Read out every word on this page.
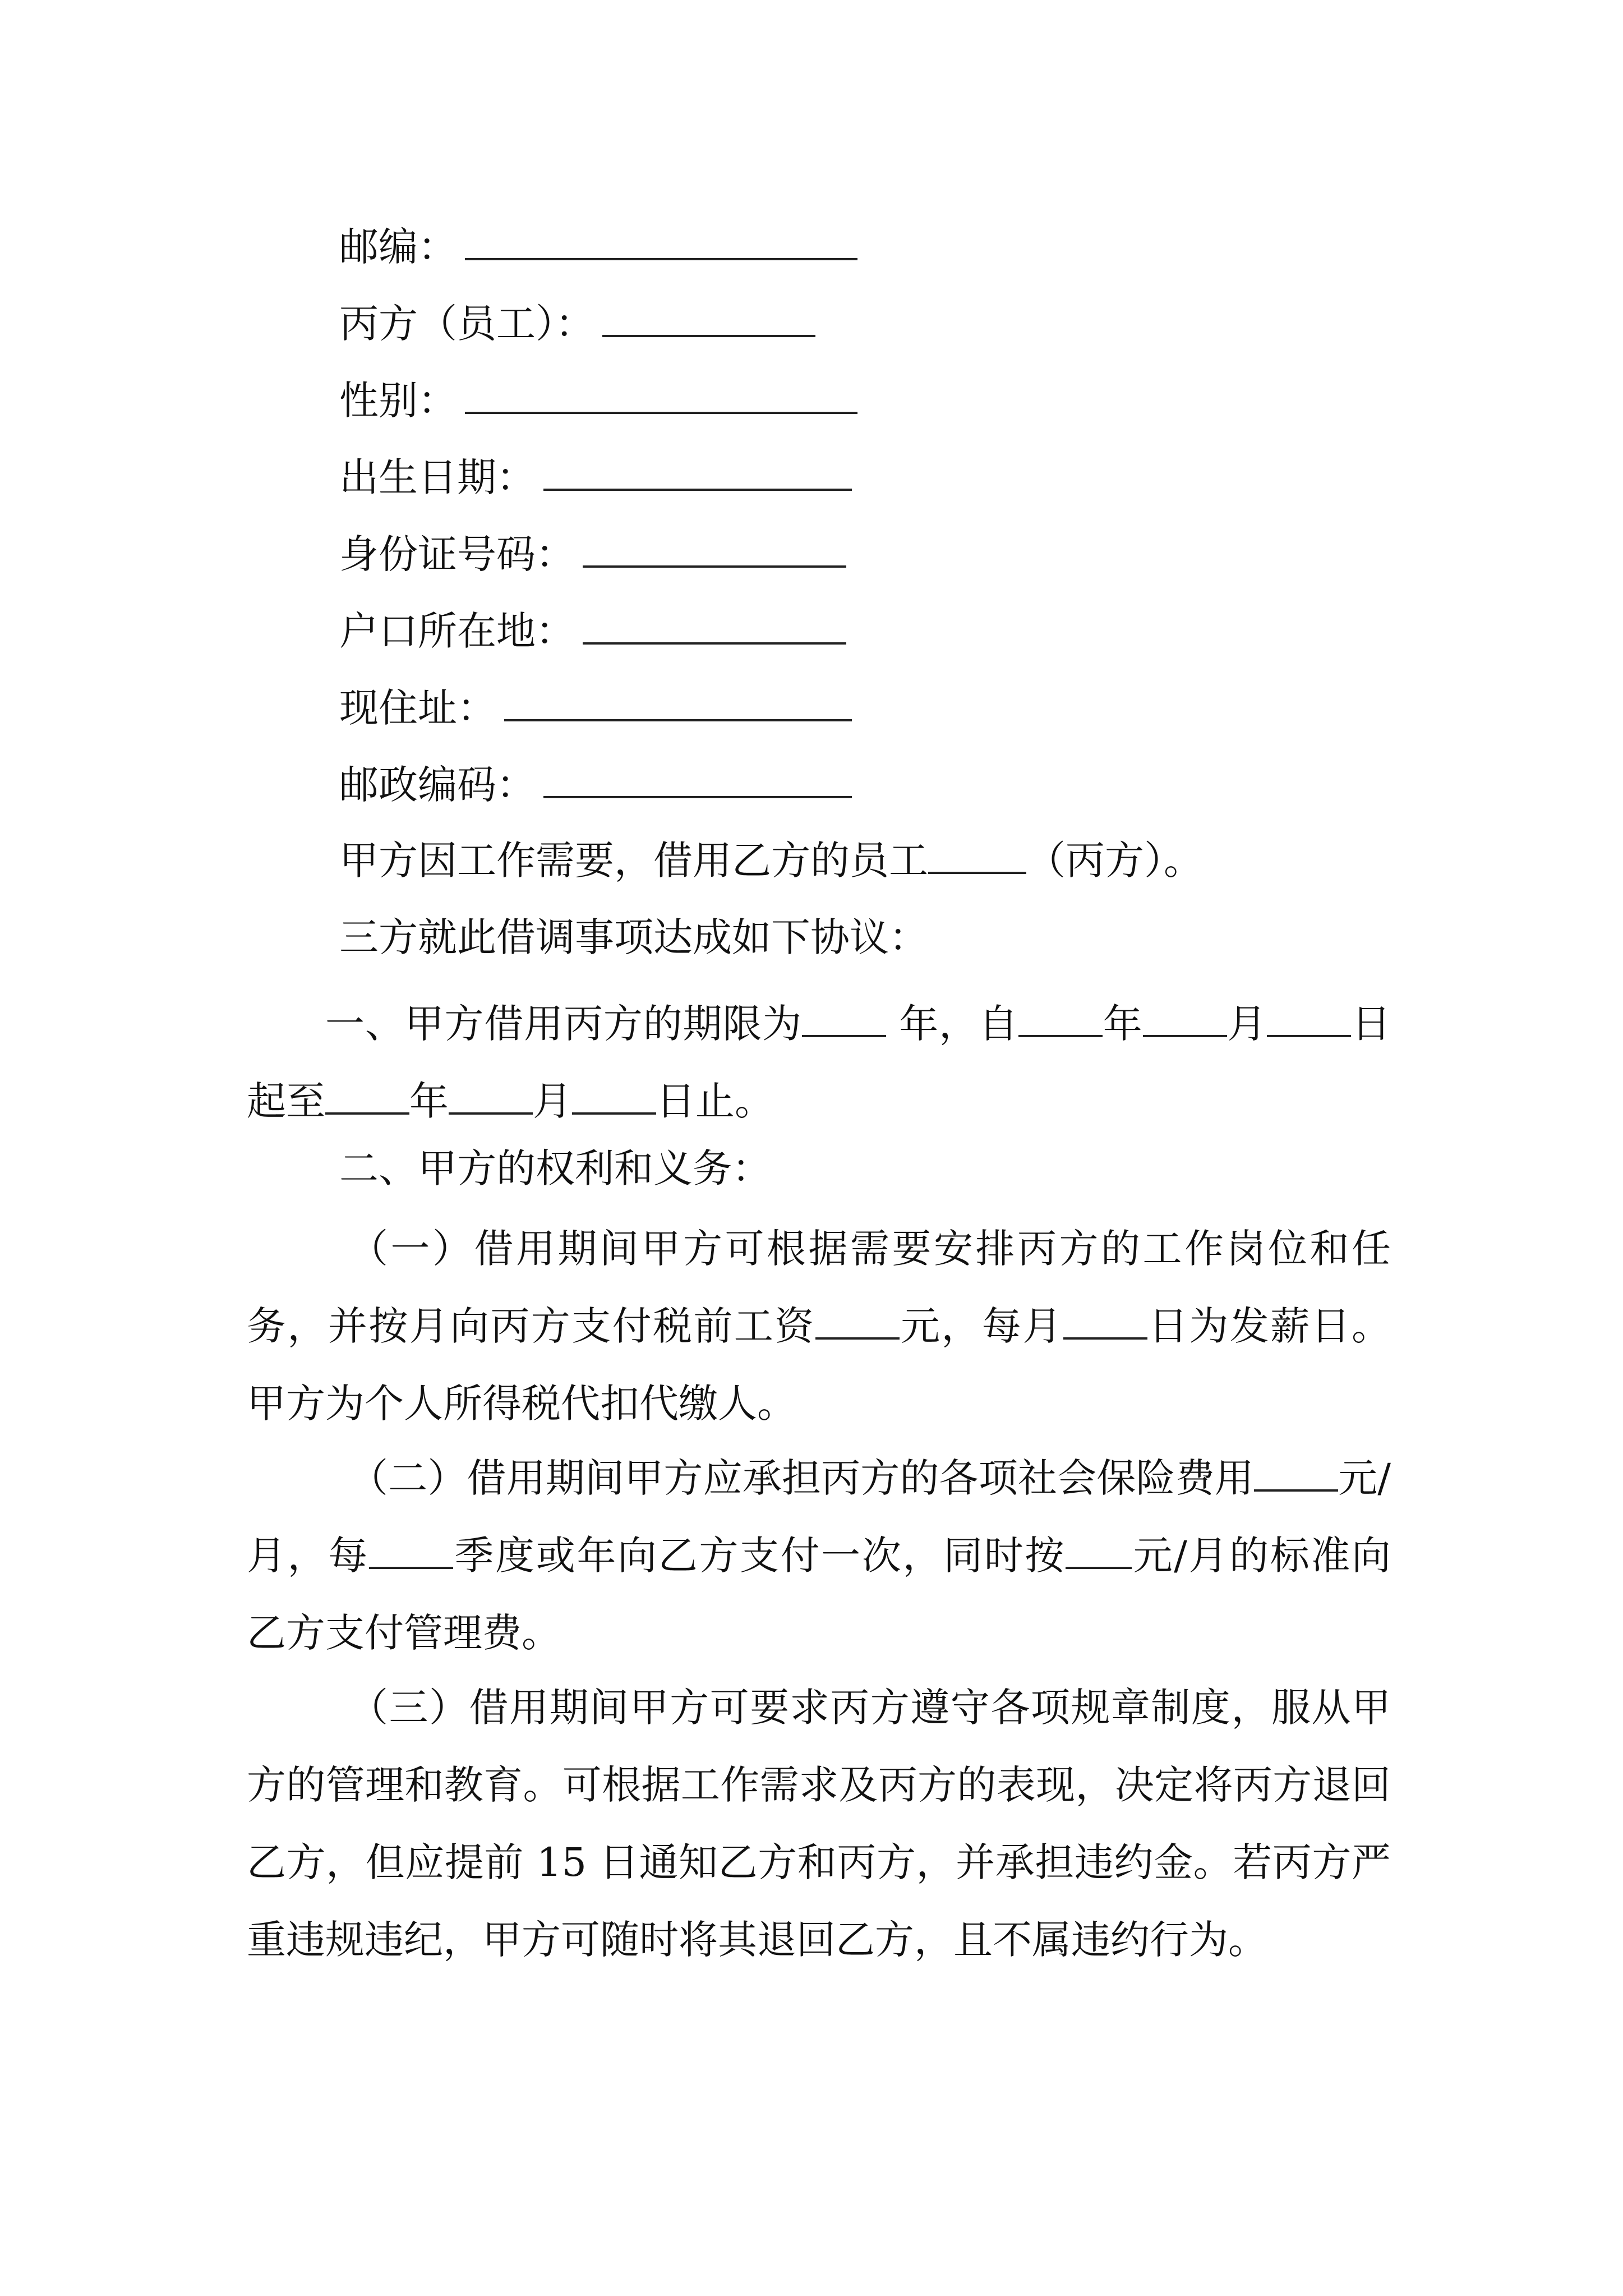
邮编：
丙方（员工）：
性别：
出生日期：
身份证号码：
户口所在地：
现住址：
邮政编码：
甲方因工作需要，借用乙方的员工	（丙方）。
三方就此借调事项达成如下协议：
一、甲方借用丙方的期限为 年，自 年 月 日起至 年 月 日止。
二、甲方的权利和义务：
（一）借用期间甲方可根据需要安排丙方的工作岗位和任务，并按月向丙方支付税前工资 元，每月 日为发薪日。甲方为个人所得税代扣代缴人。
（二）借用期间甲方应承担丙方的各项社会保险费用 元/月，每 季度或年向乙方支付一次，同时按 元/月的标准向乙方支付管理费。
（三）借用期间甲方可要求丙方遵守各项规章制度，服从甲方的管理和教育。可根据工作需求及丙方的表现，决定将丙方退回乙方，但应提前 15 日通知乙方和丙方，并承担违约金。若丙方严重违规违纪，甲方可随时将其退回乙方，且不属违约行为。
